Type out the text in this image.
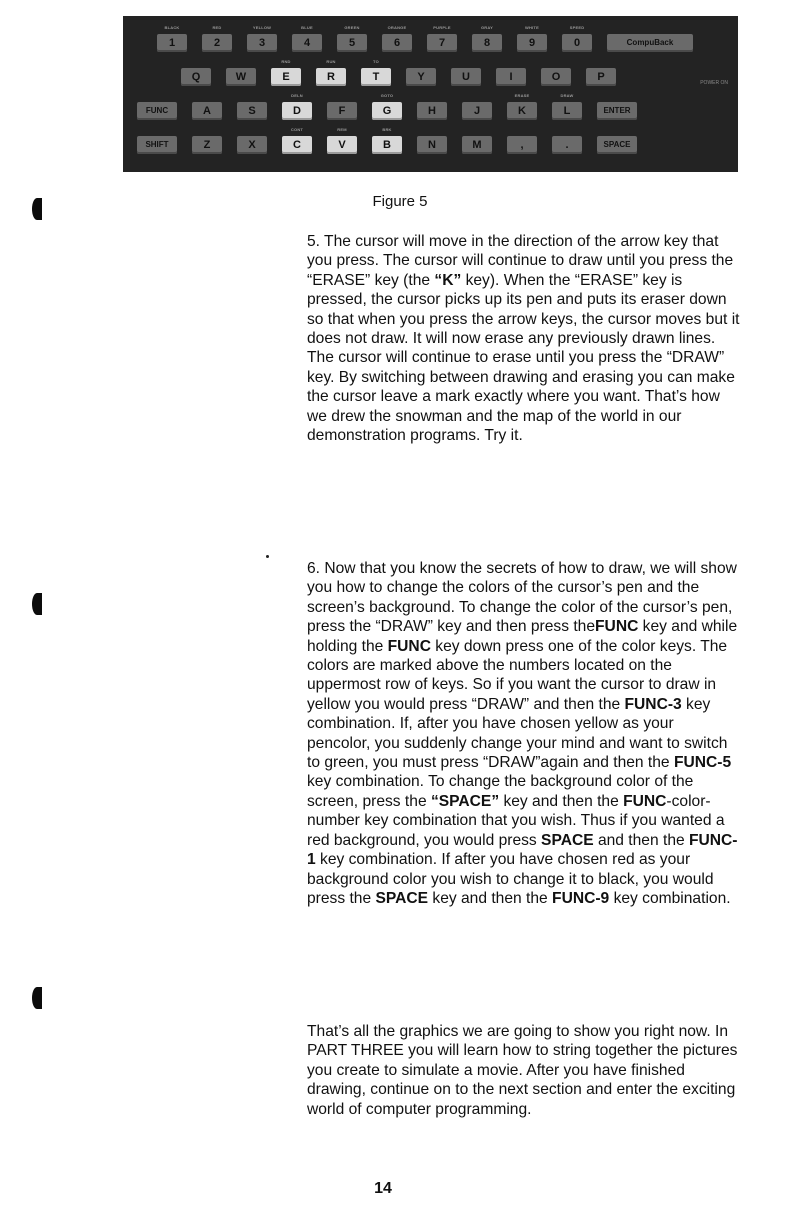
1
BLACK
2
RED
3
YELLOW
4
BLUE
5
GREEN
6
ORANGE
7
PURPLE
8
GRAY
9
WHITE
0
SPEED
CompuBack
Q	W	E
RND
R
RUN
T
TO
Y	U	I	O	P
FUNC	A	S	D
DELN
F	G
GOTO
H	J	K
ERASE
L
DRAW
ENTER
SHIFT	Z	X	C
CONT
V
REM
B
BRK
N	M	,	.	SPACE
POWER ON
Figure 5

5. The cursor will move in the direction of the arrow key that you press. The cursor will continue to draw until you press the “ERASE” key (the “K” key). When the “ERASE” key is pressed, the cursor picks up its pen and puts its eraser down so that when you press the arrow keys, the cursor moves but it does not draw. It will now erase any previously drawn lines. The cursor will continue to erase until you press the “DRAW” key. By switching between drawing and erasing you can make the cursor leave a mark exactly where you want. That’s how we drew the snowman and the map of the world in our demonstration programs. Try it.

6. Now that you know the secrets of how to draw, we will show you how to change the colors of the cursor’s pen and the screen’s background. To change the color of the cursor’s pen, press the “DRAW” key and then press theFUNC key and while holding the FUNC key down press one of the color keys. The colors are marked above the numbers located on the uppermost row of keys. So if you want the cursor to draw in yellow you would press “DRAW” and then the FUNC-3 key combination. If, after you have chosen yellow as your pencolor, you suddenly change your mind and want to switch to green, you must press “DRAW”again and then the FUNC-5 key combination. To change the background color of the screen, press the “SPACE” key and then the FUNC-color-number key combination that you wish. Thus if you wanted a red background, you would press SPACE and then the FUNC-1 key combination. If after you have chosen red as your background color you wish to change it to black, you would press the SPACE key and then the FUNC-9 key combination.

That’s all the graphics we are going to show you right now. In PART THREE you will learn how to string together the pictures you create to simulate a movie. After you have finished drawing, continue on to the next section and enter the exciting world of computer programming.

14
